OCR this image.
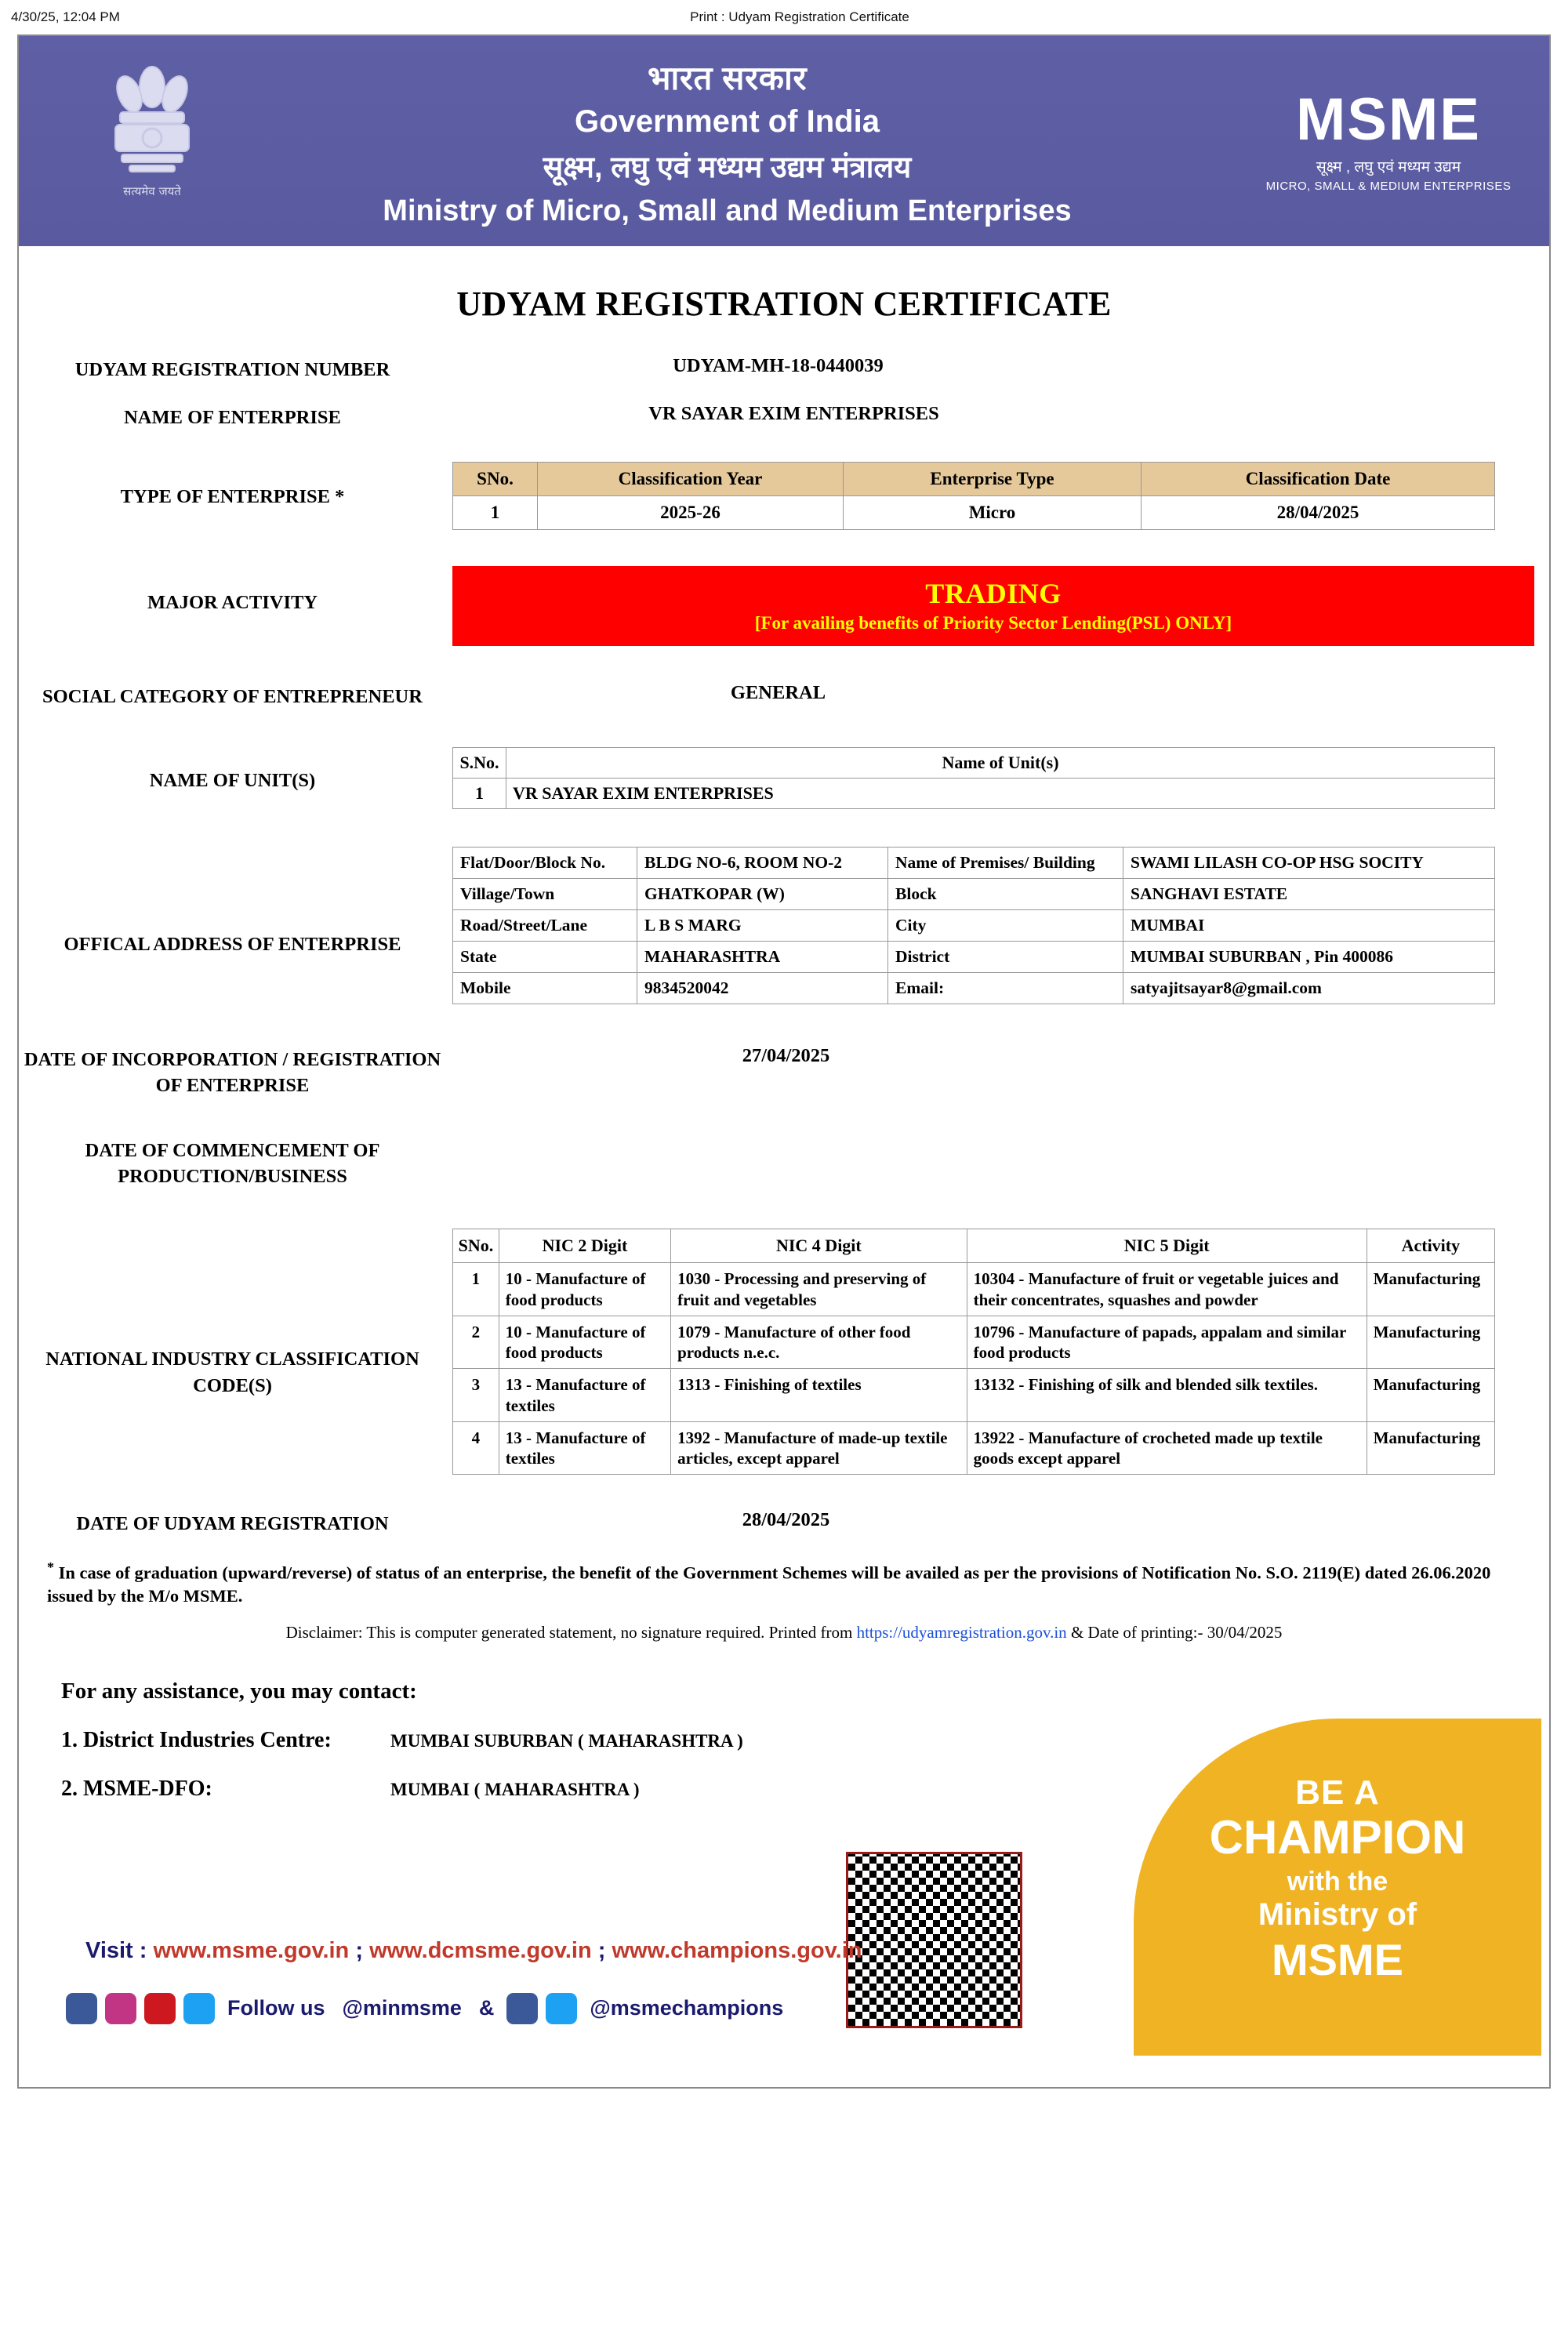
4/30/25, 12:04 PM	Print : Udyam Registration Certificate
सत्यमेव जयते
भारत सरकार
Government of India
सूक्ष्म, लघु एवं मध्यम उद्यम मंत्रालय
Ministry of Micro, Small and Medium Enterprises
MSME
सूक्ष्म , लघु एवं मध्यम उद्यम
MICRO, SMALL & MEDIUM ENTERPRISES
UDYAM REGISTRATION CERTIFICATE
UDYAM REGISTRATION NUMBER	UDYAM-MH-18-0440039
NAME OF ENTERPRISE	VR SAYAR EXIM ENTERPRISES
TYPE OF ENTERPRISE *
SNo.	Classification Year	Enterprise Type	Classification Date
1	2025-26	Micro	28/04/2025
MAJOR ACTIVITY	TRADING
[For availing benefits of Priority Sector Lending(PSL) ONLY]
SOCIAL CATEGORY OF ENTREPRENEUR	GENERAL
NAME OF UNIT(S)
S.No.	Name of Unit(s)
1	VR SAYAR EXIM ENTERPRISES
OFFICAL ADDRESS OF ENTERPRISE
Flat/Door/Block No.	BLDG NO-6, ROOM NO-2	Name of Premises/ Building	SWAMI LILASH CO-OP HSG SOCITY
Village/Town	GHATKOPAR (W)	Block	SANGHAVI ESTATE
Road/Street/Lane	L B S MARG	City	MUMBAI
State	MAHARASHTRA	District	MUMBAI SUBURBAN , Pin 400086
Mobile	9834520042	Email:	satyajitsayar8@gmail.com
DATE OF INCORPORATION / REGISTRATION OF ENTERPRISE
27/04/2025
DATE OF COMMENCEMENT OF PRODUCTION/BUSINESS
NATIONAL INDUSTRY CLASSIFICATION CODE(S)
SNo.	NIC 2 Digit	NIC 4 Digit	NIC 5 Digit	Activity
1	10 - Manufacture of food products	1030 - Processing and preserving of fruit and vegetables	10304 - Manufacture of fruit or vegetable juices and their concentrates, squashes and powder	Manufacturing
2	10 - Manufacture of food products	1079 - Manufacture of other food products n.e.c.	10796 - Manufacture of papads, appalam and similar food products	Manufacturing
3	13 - Manufacture of textiles	1313 - Finishing of textiles	13132 - Finishing of silk and blended silk textiles.	Manufacturing
4	13 - Manufacture of textiles	1392 - Manufacture of made-up textile articles, except apparel	13922 - Manufacture of crocheted made up textile goods except apparel	Manufacturing
DATE OF UDYAM REGISTRATION	28/04/2025
* In case of graduation (upward/reverse) of status of an enterprise, the benefit of the Government Schemes will be availed as per the provisions of Notification No. S.O. 2119(E) dated 26.06.2020 issued by the M/o MSME.
Disclaimer: This is computer generated statement, no signature required. Printed from https://udyamregistration.gov.in & Date of printing:- 30/04/2025
For any assistance, you may contact:
1. District Industries Centre:	MUMBAI SUBURBAN ( MAHARASHTRA )
2. MSME-DFO:	MUMBAI ( MAHARASHTRA )	BE A
CHAMPION
with the
Ministry of
MSME
Visit : www.msme.gov.in ; www.dcmsme.gov.in ; www.champions.gov.in
Follow us @minmsme &	@msmechampions
